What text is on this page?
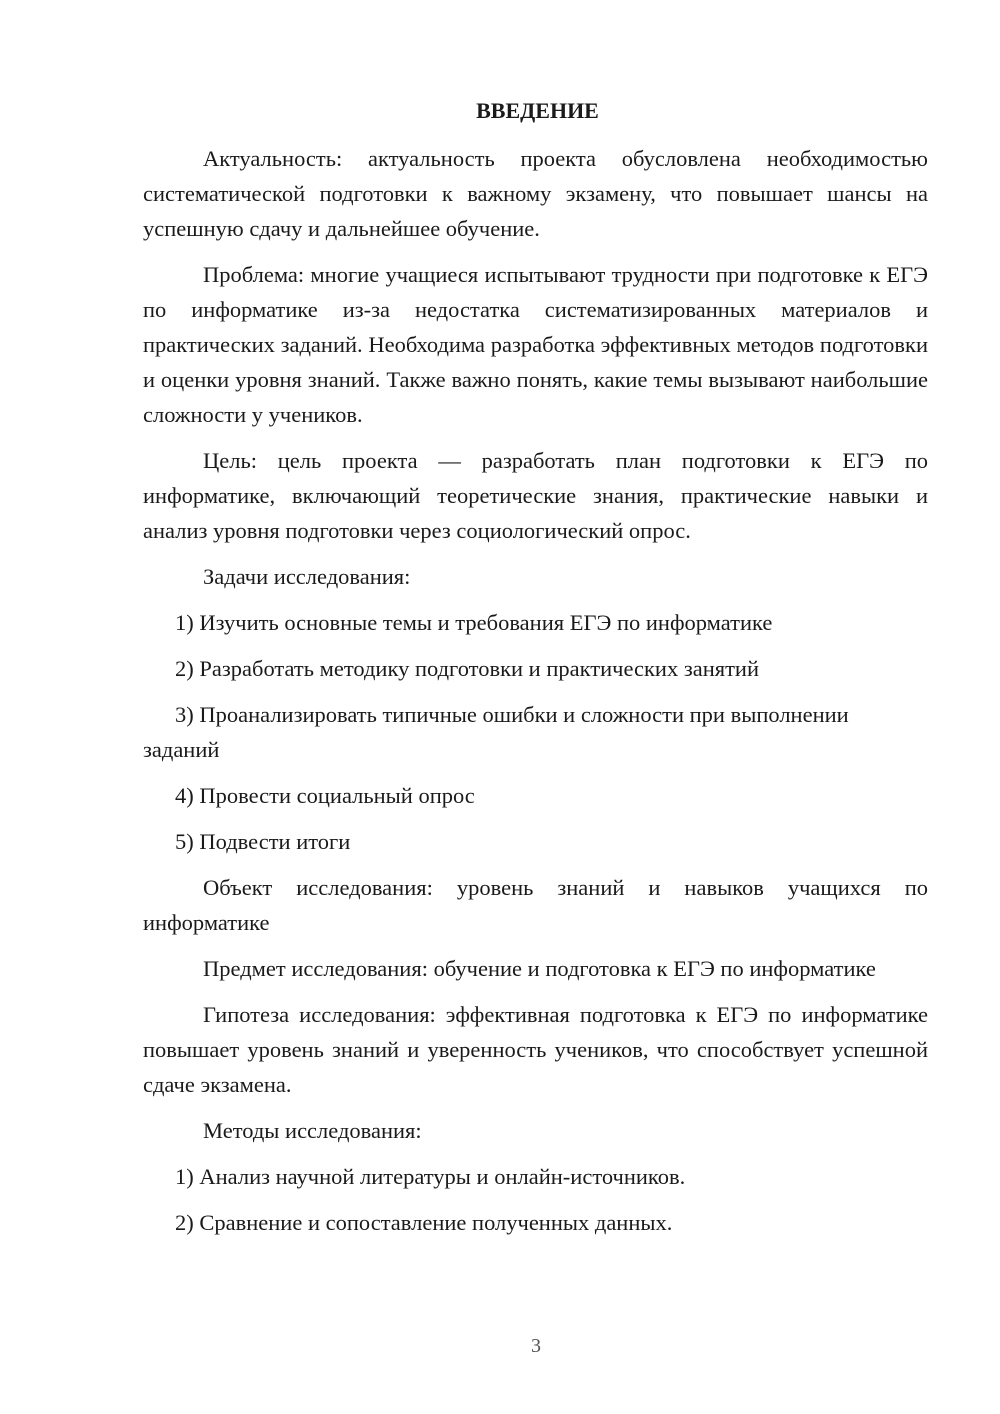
ВВЕДЕНИЕ

Актуальность: актуальность проекта обусловлена необходимостью систематической подготовки к важному экзамену, что повышает шансы на успешную сдачу и дальнейшее обучение.

Проблема: многие учащиеся испытывают трудности при подготовке к ЕГЭ по информатике из-за недостатка систематизированных материалов и практических заданий. Необходима разработка эффективных методов подготовки и оценки уровня знаний. Также важно понять, какие темы вызывают наибольшие сложности у учеников.

Цель: цель проекта — разработать план подготовки к ЕГЭ по информатике, включающий теоретические знания, практические навыки и анализ уровня подготовки через социологический опрос.

Задачи исследования:

1) Изучить основные темы и требования ЕГЭ по информатике

2) Разработать методику подготовки и практических занятий

3) Проанализировать типичные ошибки и сложности при выполнении заданий

4) Провести социальный опрос

5) Подвести итоги

Объект исследования: уровень знаний и навыков учащихся по информатике

Предмет исследования: обучение и подготовка к ЕГЭ по информатике

Гипотеза исследования: эффективная подготовка к ЕГЭ по информатике повышает уровень знаний и уверенность учеников, что способствует успешной сдаче экзамена.

Методы исследования:

1) Анализ научной литературы и онлайн-источников.

2) Сравнение и сопоставление полученных данных.

3
